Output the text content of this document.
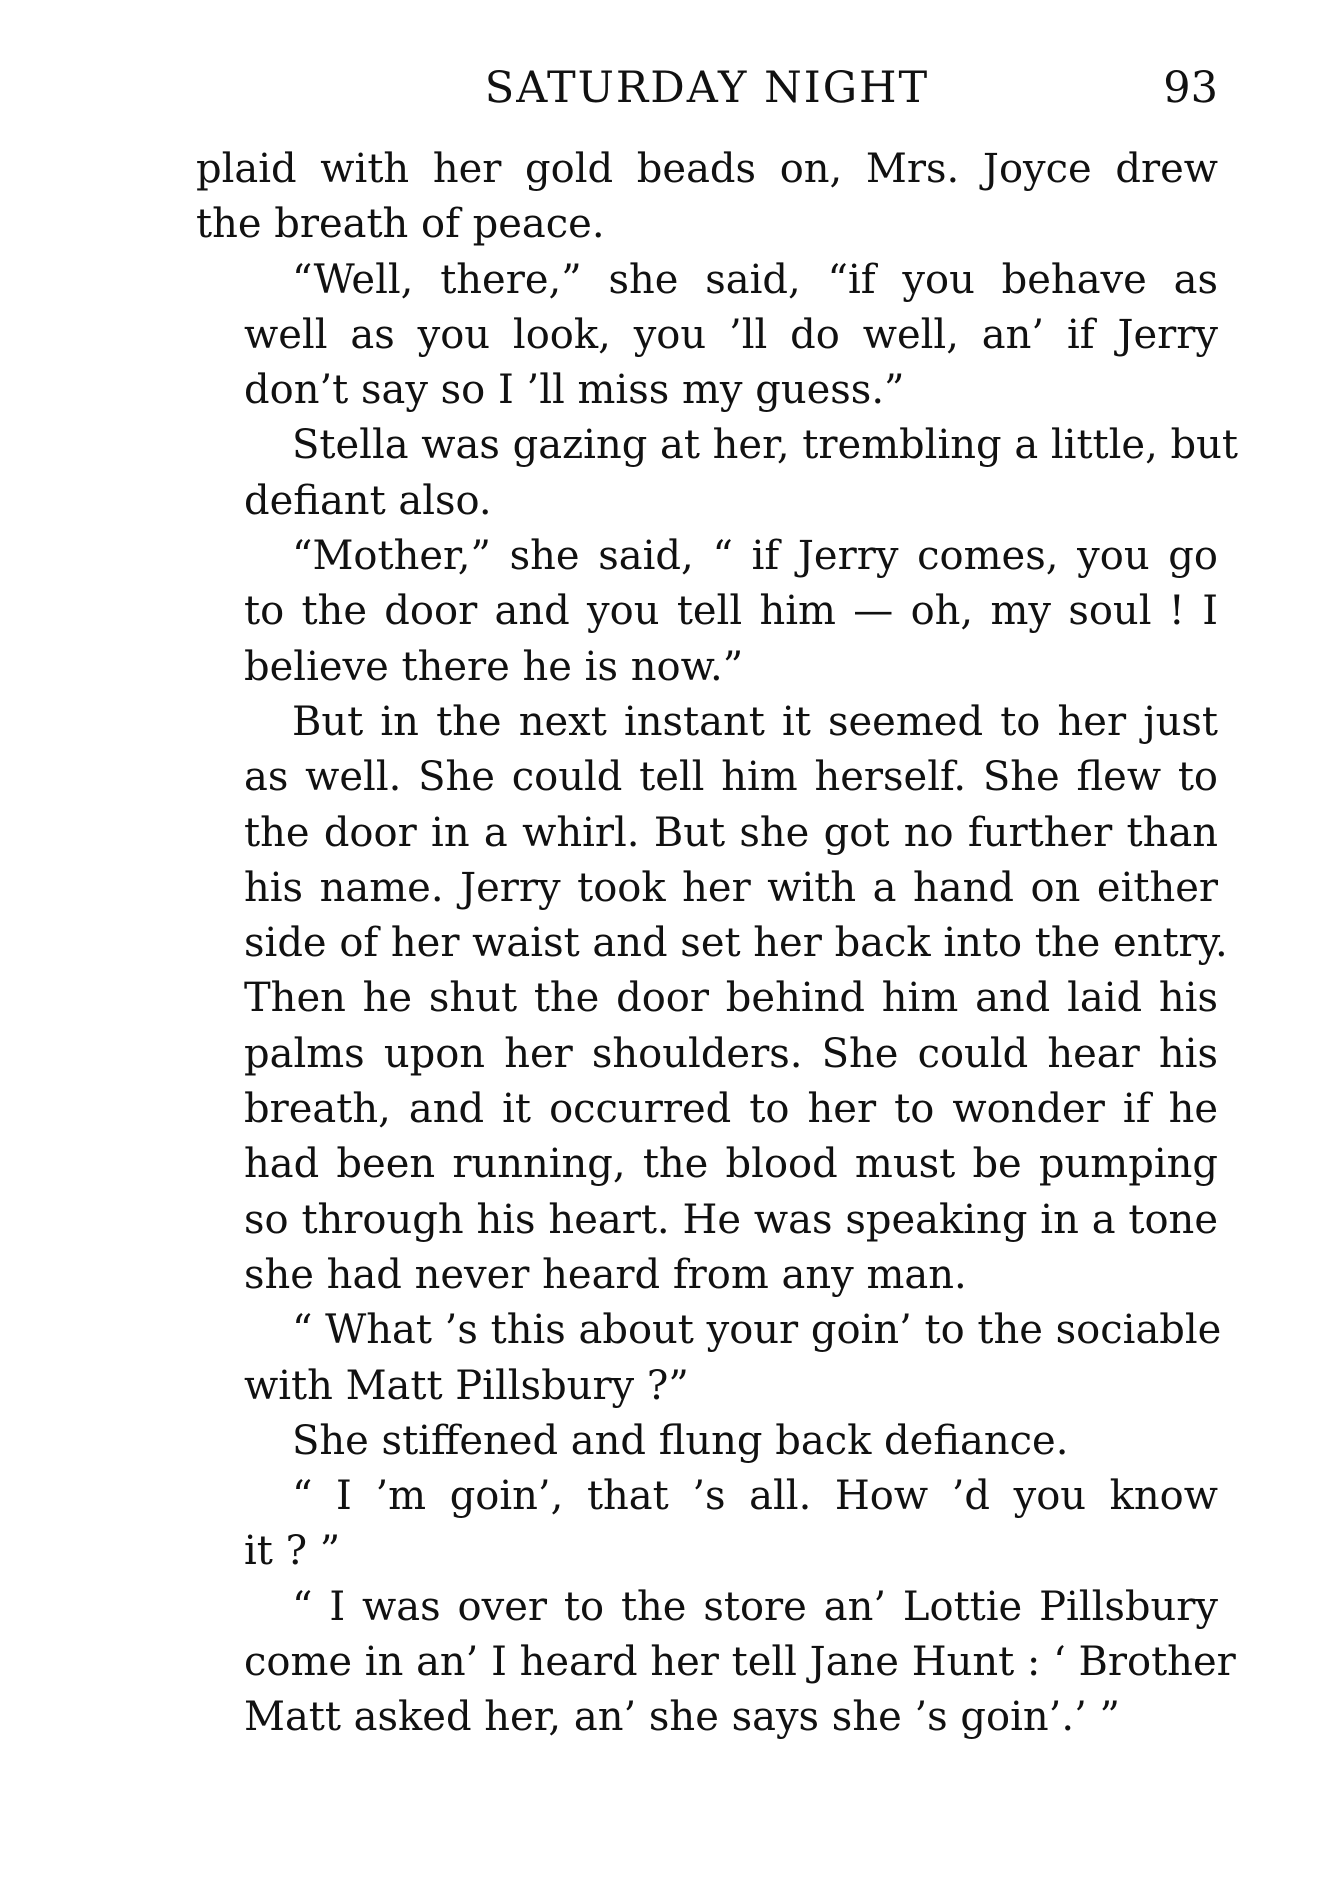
SATURDAY NIGHT	93
plaid with her gold beads on, Mrs. Joyce drew
the breath of peace.
“Well, there,” she said, “if you behave as
well as you look, you ’ll do well, an’ if Jerry
don’t say so I ’ll miss my guess.”
Stella was gazing at her, trembling a little, but
defiant also.
“Mother,” she said, “ if Jerry comes, you go
to the door and you tell him — oh, my soul ! I
believe there he is now.”
But in the next instant it seemed to her just
as well. She could tell him herself. She flew to
the door in a whirl. But she got no further than
his name. Jerry took her with a hand on either
side of her waist and set her back into the entry.
Then he shut the door behind him and laid his
palms upon her shoulders. She could hear his
breath, and it occurred to her to wonder if he
had been running, the blood must be pumping
so through his heart. He was speaking in a tone
she had never heard from any man.
“ What ’s this about your goin’ to the sociable
with Matt Pillsbury ?”
She stiffened and flung back defiance.
“ I ’m goin’, that ’s all. How ’d you know
it ? ”
“ I was over to the store an’ Lottie Pillsbury
come in an’ I heard her tell Jane Hunt : ‘ Brother
Matt asked her, an’ she says she ’s goin’.’ ”
